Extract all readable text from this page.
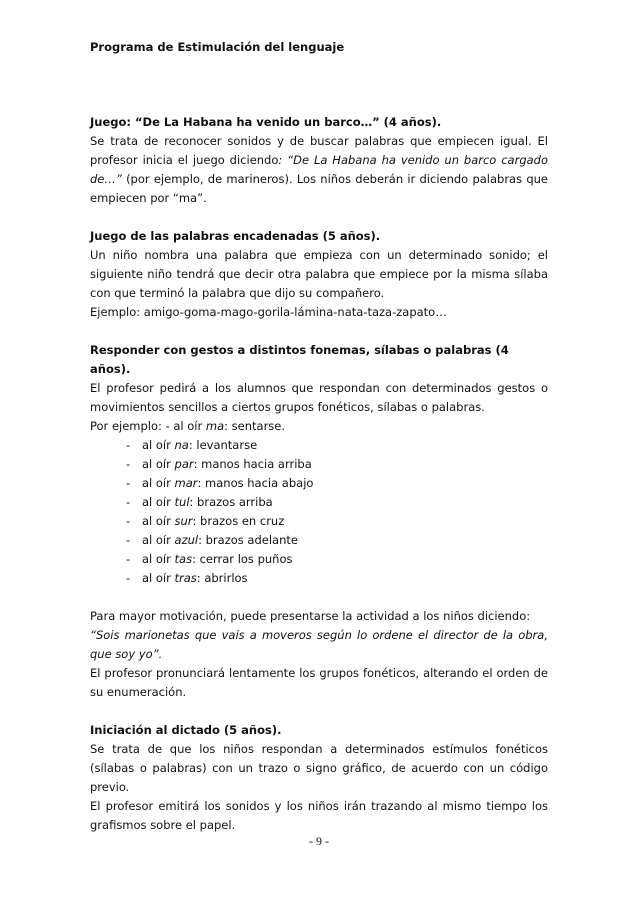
Programa de Estimulación del lenguaje
Juego: “De La Habana ha venido un barco…” (4 años).

Se trata de reconocer sonidos y de buscar palabras que empiecen igual. El profesor inicia el juego diciendo: “De La Habana ha venido un barco cargado de…” (por ejemplo, de marineros). Los niños deberán ir diciendo palabras que empiecen por “ma”.

Juego de las palabras encadenadas (5 años).

Un niño nombra una palabra que empieza con un determinado sonido; el siguiente niño tendrá que decir otra palabra que empiece por la misma sílaba con que terminó la palabra que dijo su compañero.

Ejemplo: amigo-goma-mago-gorila-lámina-nata-taza-zapato…

Responder con gestos a distintos fonemas, sílabas o palabras (4 años).

El profesor pedirá a los alumnos que respondan con determinados gestos o movimientos sencillos a ciertos grupos fonéticos, sílabas o palabras.

Por ejemplo: - al oír ma: sentarse.

-	al oír na: levantarse
-	al oír par: manos hacia arriba
-	al oír mar: manos hacia abajo
-	al oír tul: brazos arriba
-	al oír sur: brazos en cruz
-	al oír azul: brazos adelante
-	al oír tas: cerrar los puños
-	al oír tras: abrirlos

Para mayor motivación, puede presentarse la actividad a los niños diciendo:

“Sois marionetas que vais a moveros según lo ordene el director de la obra, que soy yo”.

El profesor pronunciará lentamente los grupos fonéticos, alterando el orden de su enumeración.

Iniciación al dictado (5 años).

Se trata de que los niños respondan a determinados estímulos fonéticos (sílabas o palabras) con un trazo o signo gráfico, de acuerdo con un código previo.

El profesor emitirá los sonidos y los niños irán trazando al mismo tiempo los grafismos sobre el papel.

- 9 -
